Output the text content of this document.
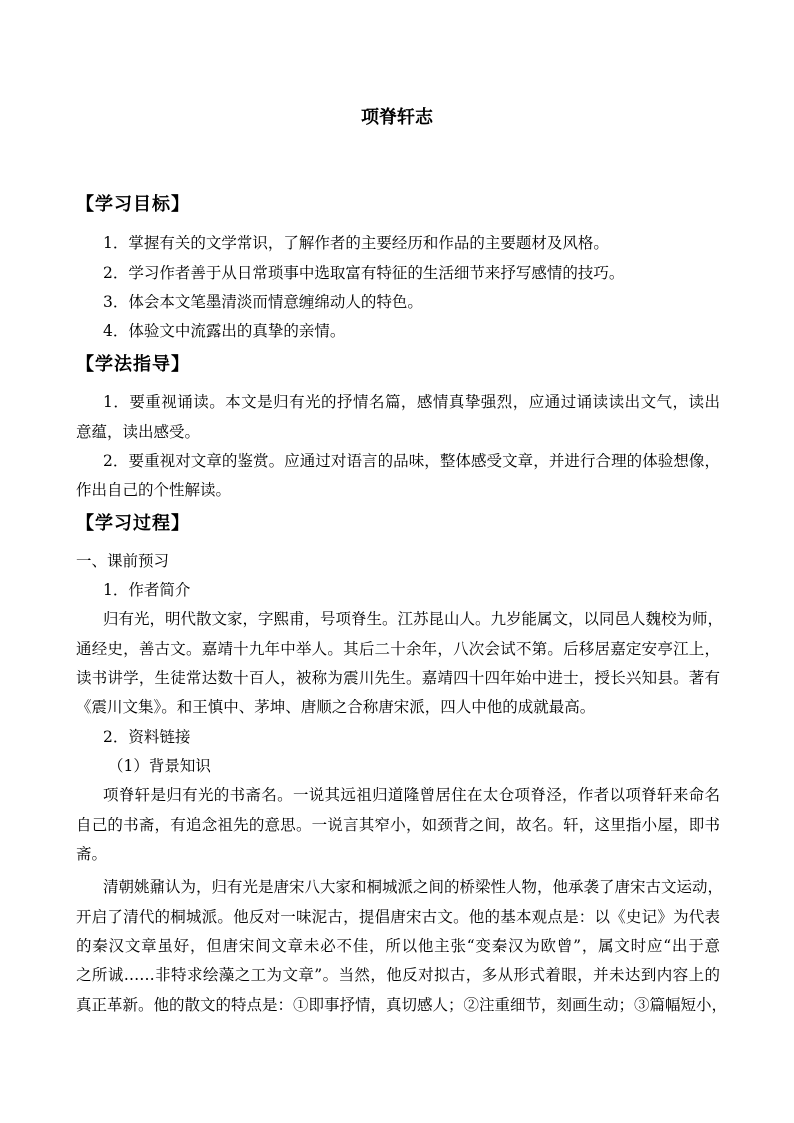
项脊轩志
【学习目标】
1．掌握有关的文学常识，了解作者的主要经历和作品的主要题材及风格。
2．学习作者善于从日常琐事中选取富有特征的生活细节来抒写感情的技巧。
3．体会本文笔墨清淡而情意缠绵动人的特色。
4．体验文中流露出的真挚的亲情。
【学法指导】
1．要重视诵读。本文是归有光的抒情名篇，感情真挚强烈，应通过诵读读出文气，读出
意蕴，读出感受。
2．要重视对文章的鉴赏。应通过对语言的品味，整体感受文章，并进行合理的体验想像，
作出自己的个性解读。
【学习过程】
一、课前预习
1．作者简介
归有光，明代散文家，字熙甫，号项脊生。江苏昆山人。九岁能属文，以同邑人魏校为师，
通经史，善古文。嘉靖十九年中举人。其后二十余年，八次会试不第。后移居嘉定安亭江上，
读书讲学，生徒常达数十百人，被称为震川先生。嘉靖四十四年始中进士，授长兴知县。著有
《震川文集》。和王慎中、茅坤、唐顺之合称唐宋派，四人中他的成就最高。
2．资料链接
（1）背景知识
项脊轩是归有光的书斋名。一说其远祖归道隆曾居住在太仓项脊泾，作者以项脊轩来命名
自己的书斋，有追念祖先的意思。一说言其窄小，如颈背之间，故名。轩，这里指小屋，即书
斋。
清朝姚鼐认为，归有光是唐宋八大家和桐城派之间的桥梁性人物，他承袭了唐宋古文运动，
开启了清代的桐城派。他反对一味泥古，提倡唐宋古文。他的基本观点是：以《史记》为代表
的秦汉文章虽好，但唐宋间文章未必不佳，所以他主张“变秦汉为欧曾”，属文时应“出于意
之所诚……非特求绘藻之工为文章”。当然，他反对拟古，多从形式着眼，并未达到内容上的
真正革新。他的散文的特点是：①即事抒情，真切感人；②注重细节，刻画生动；③篇幅短小，
